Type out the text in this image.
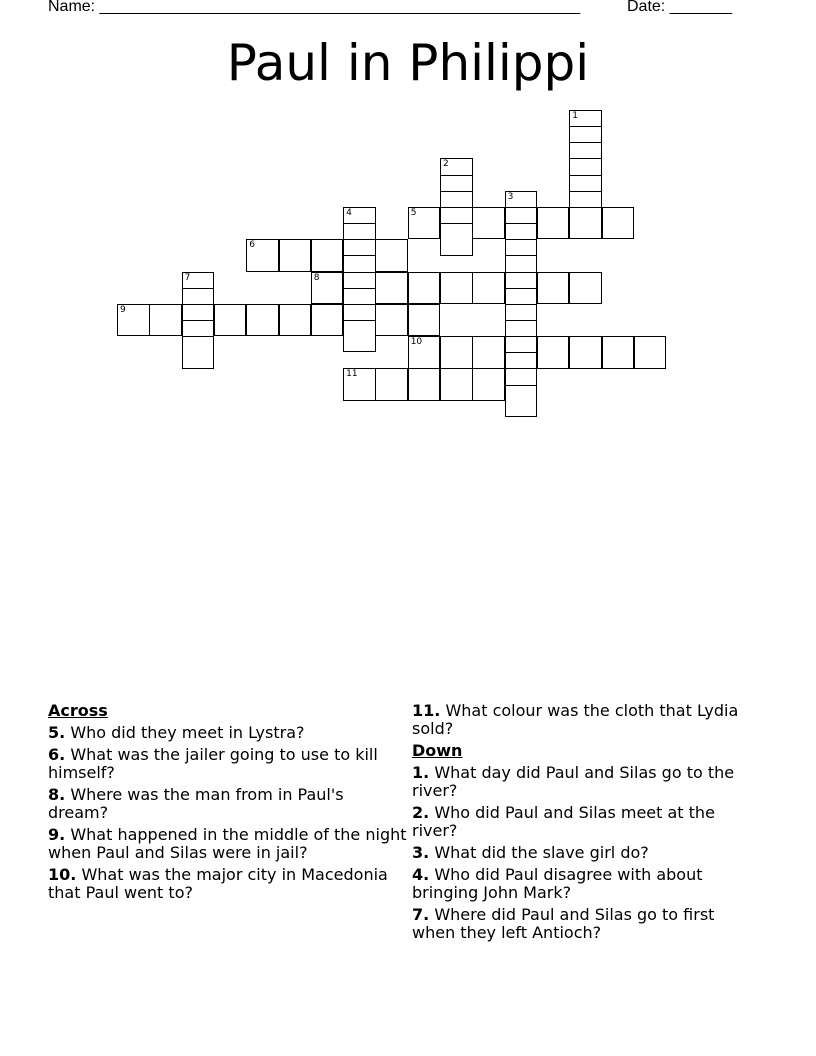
Name: ______________________________________________________	Date: _______
Paul in Philippi
1
2
3
4	5
6
7	8
9
10
11
Across
5. Who did they meet in Lystra?
6. What was the jailer going to use to kill himself?
8. Where was the man from in Paul's dream?
9. What happened in the middle of the night when Paul and Silas were in jail?
10. What was the major city in Macedonia that Paul went to?
11. What colour was the cloth that Lydia sold?
Down
1. What day did Paul and Silas go to the river?
2. Who did Paul and Silas meet at the river?
3. What did the slave girl do?
4. Who did Paul disagree with about bringing John Mark?
7. Where did Paul and Silas go to first when they left Antioch?
